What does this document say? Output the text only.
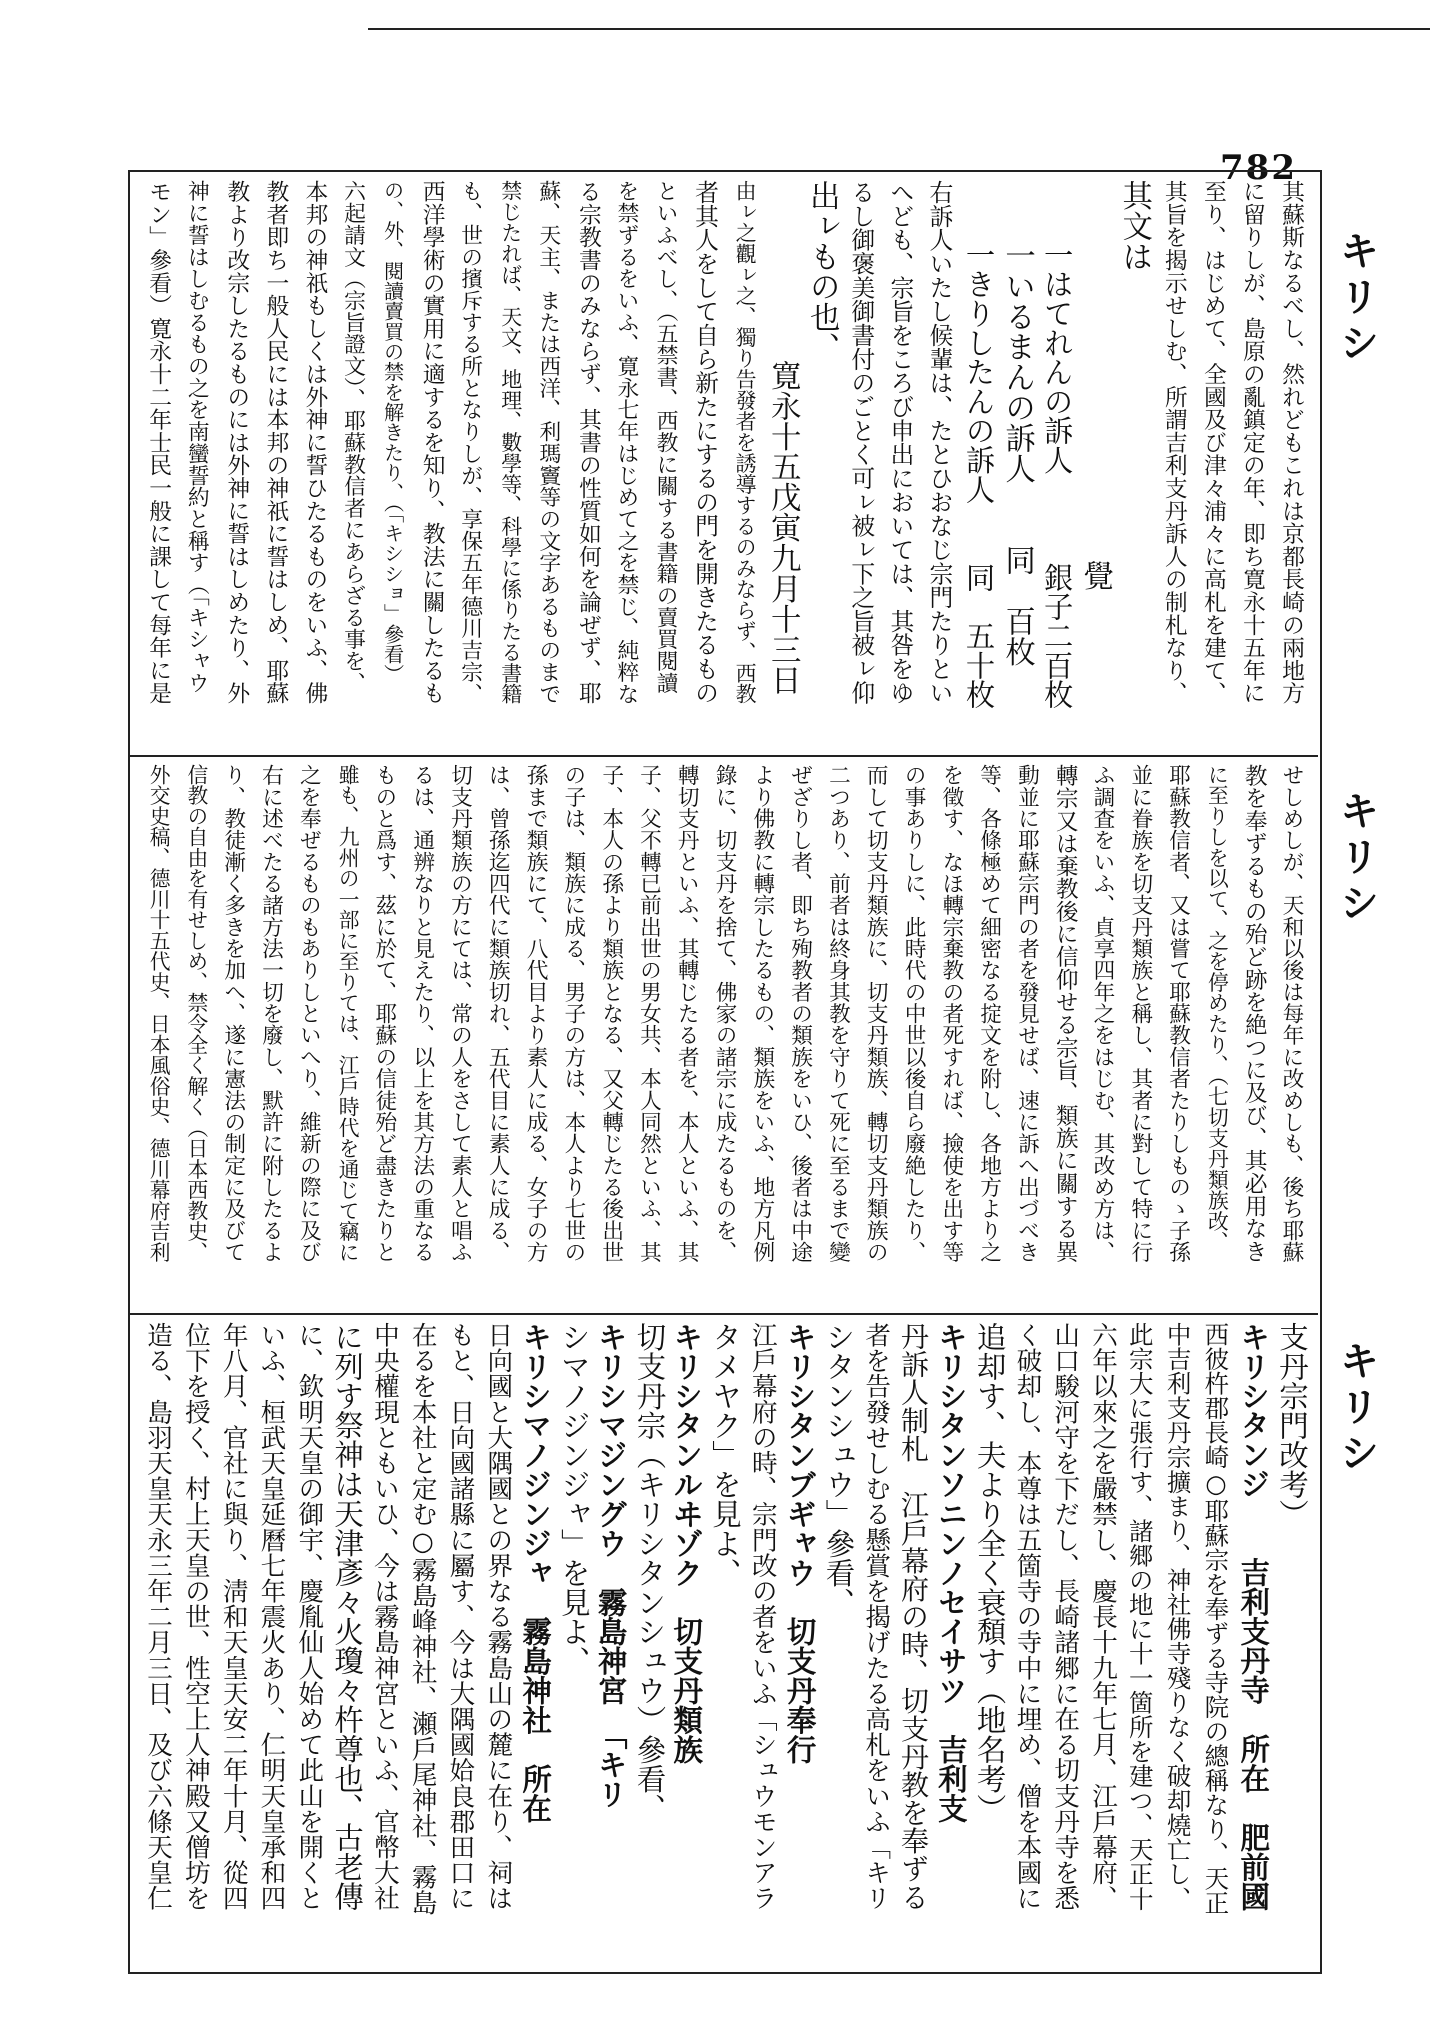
782
キリシ
キリシ
キリシ
其蘇斯なるべし、然れどもこれは京都長崎の兩地方
に留りしが、島原の亂鎮定の年、即ち寛永十五年に
至り、はじめて、全國及び津々浦々に高札を建て、
其旨を揭示せしむ、所謂吉利支丹訴人の制札なり、
其文は
覺
一はてれんの訴人　　　銀子二百枚
一いるまんの訴人　　同　百枚
一きりしたんの訴人　　同　五十枚
右訴人いたし候輩は、たとひおなじ宗門たりとい
へども、宗旨をころび申出においては、其咎をゆ
るし御褒美御書付のごとく可ㇾ被ㇾ下之旨被ㇾ仰
出ㇾもの也、
寛永十五戊寅九月十三日
由ㇾ之觀ㇾ之、獨り告發者を誘導するのみならず、西教
者其人をして自ら新たにするの門を開きたるもの
といふべし、（五禁書、西教に關する書籍の賣買閱讀
を禁ずるをいふ、寛永七年はじめて之を禁じ、純粹な
る宗教書のみならず、其書の性質如何を論ぜず、耶
蘇、天主、または西洋、利瑪竇等の文字あるものまで
禁じたれば、天文、地理、數學等、科學に係りたる書籍
も、世の擯斥する所となりしが、享保五年德川吉宗、
西洋學術の實用に適するを知り、教法に關したるも
の、外、閱讀賣買の禁を解きたり、（「キシショ」參看）
六起請文（宗旨證文）、耶蘇教信者にあらざる事を、
本邦の神祇もしくは外神に誓ひたるものをいふ、佛
教者即ち一般人民には本邦の神祇に誓はしめ、耶蘇
教より改宗したるものには外神に誓はしめたり、外
神に誓はしむるもの之を南蠻誓約と稱す（「キシャウ
モン」參看）寛永十二年士民一般に課して每年に是
せしめしが、天和以後は每年に改めしも、後ち耶蘇
教を奉ずるもの殆ど跡を絶つに及び、其必用なき
に至りしを以て、之を停めたり、（七切支丹類族改、
耶蘇教信者、又は嘗て耶蘇教信者たりしものゝ子孫
並に眷族を切支丹類族と稱し、其者に對して特に行
ふ調査をいふ、貞享四年之をはじむ、其改め方は、
轉宗又は棄教後に信仰せる宗旨、類族に關する異
動並に耶蘇宗門の者を發見せば、速に訴へ出づべき
等、各條極めて細密なる掟文を附し、各地方より之
を徵す、なほ轉宗棄教の者死すれば、撿使を出す等
の事ありしに、此時代の中世以後自ら廢絶したり、
而して切支丹類族に、切支丹類族、轉切支丹類族の
二つあり、前者は終身其教を守りて死に至るまで變
ぜざりし者、即ち殉教者の類族をいひ、後者は中途
より佛教に轉宗したるもの、類族をいふ、地方凡例
錄に、切支丹を捨て、佛家の諸宗に成たるものを、
轉切支丹といふ、其轉じたる者を、本人といふ、其
子、父不轉已前出世の男女共、本人同然といふ、其
子、本人の孫より類族となる、又父轉じたる後出世
の子は、類族に成る、男子の方は、本人より七世の
孫まで類族にて、八代目より素人に成る、女子の方
は、曾孫迄四代に類族切れ、五代目に素人に成る、
切支丹類族の方にては、常の人をさして素人と唱ふ
るは、通辨なりと見えたり、以上を其方法の重なる
ものと爲す、茲に於て、耶蘇の信徒殆ど盡きたりと
雖も、九州の一部に至りては、江戶時代を通じて竊に
之を奉ぜるものもありしといへり、維新の際に及び
右に述べたる諸方法一切を廢し、默許に附したるよ
り、教徒漸く多きを加へ、遂に憲法の制定に及びて
信教の自由を有せしめ、禁令全く解く（日本西教史、
外交史稿、德川十五代史、日本風俗史、德川幕府吉利
支丹宗門改考）
キリシタンジ　　吉利支丹寺　所在　肥前國
西彼杵郡長崎○耶蘇宗を奉ずる寺院の總稱なり、天正
中吉利支丹宗擴まり、神社佛寺殘りなく破却燒亡し、
此宗大に張行す、諸郷の地に十一箇所を建つ、天正十
六年以來之を嚴禁し、慶長十九年七月、江戶幕府、
山口駿河守を下だし、長崎諸郷に在る切支丹寺を悉
く破却し、本尊は五箇寺の寺中に埋め、僧を本國に
追却す、夫より全く衰頽す（地名考）
キリシタンソニンノセイサツ　吉利支
丹訴人制札　江戶幕府の時、切支丹教を奉ずる
者を告發せしむる懸賞を揭げたる高札をいふ「キリ
シタンシュウ」參看、
キリシタンブギャウ　切支丹奉行
江戶幕府の時、宗門改の者をいふ「シュウモンアラ
タメヤク」を見よ、
キリシタンルヰゾク　切支丹類族
切支丹宗（キリシタンシュウ）參看、
キリシマジングウ　霧島神宮　「キリ
シマノジンジャ」を見よ、
キリシマノジンジャ　霧島神社　所在
日向國と大隅國との界なる霧島山の麓に在り、祠は
もと、日向國諸縣に屬す、今は大隅國姶良郡田口に
在るを本社と定む○霧島峰神社、瀬戶尾神社、霧島
中央權現ともいひ、今は霧島神宮といふ、官幣大社
に列す祭神は天津彥々火瓊々杵尊也、古老傳
に、欽明天皇の御宇、慶胤仙人始めて此山を開くと
いふ、桓武天皇延曆七年震火あり、仁明天皇承和四
年八月、官社に與り、淸和天皇天安二年十月、從四
位下を授く、村上天皇の世、性空上人神殿又僧坊を
造る、島羽天皇天永三年二月三日、及び六條天皇仁
